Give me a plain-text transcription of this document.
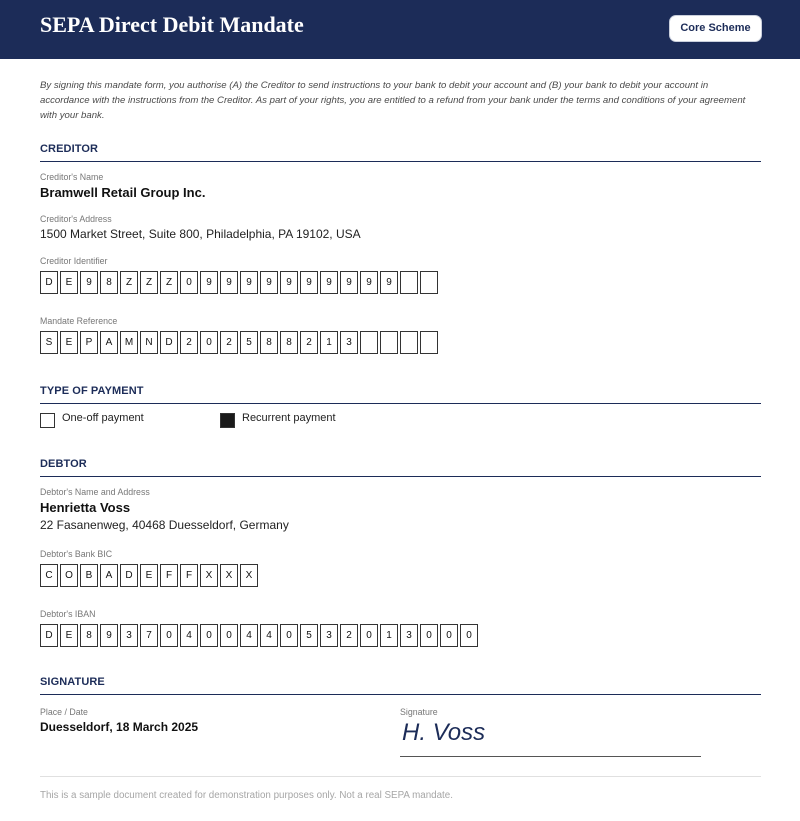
SEPA Direct Debit Mandate	Core Scheme
By signing this mandate form, you authorise (A) the Creditor to send instructions to your bank to debit your account and (B) your bank to debit your account in accordance with the instructions from the Creditor. As part of your rights, you are entitled to a refund from your bank under the terms and conditions of your agreement with your bank.
CREDITOR
Creditor's Name
Bramwell Retail Group Inc.
Creditor's Address
1500 Market Street, Suite 800, Philadelphia, PA 19102, USA
Creditor Identifier
D	E	9	8	Z	Z	Z	0	9	9	9	9	9	9	9	9	9	9
Mandate Reference
S	E	P	A	M	N	D	2	0	2	5	8	8	2	1	3
TYPE OF PAYMENT
One-off payment	Recurrent payment
DEBTOR
Debtor's Name and Address
Henrietta Voss
22 Fasanenweg, 40468 Duesseldorf, Germany
Debtor's Bank BIC
C	O	B	A	D	E	F	F	X	X	X
Debtor's IBAN
D	E	8	9	3	7	0	4	0	0	4	4	0	5	3	2	0	1	3	0	0	0
SIGNATURE
Place / Date
Duesseldorf, 18 March 2025
Signature
H. Voss
This is a sample document created for demonstration purposes only. Not a real SEPA mandate.
